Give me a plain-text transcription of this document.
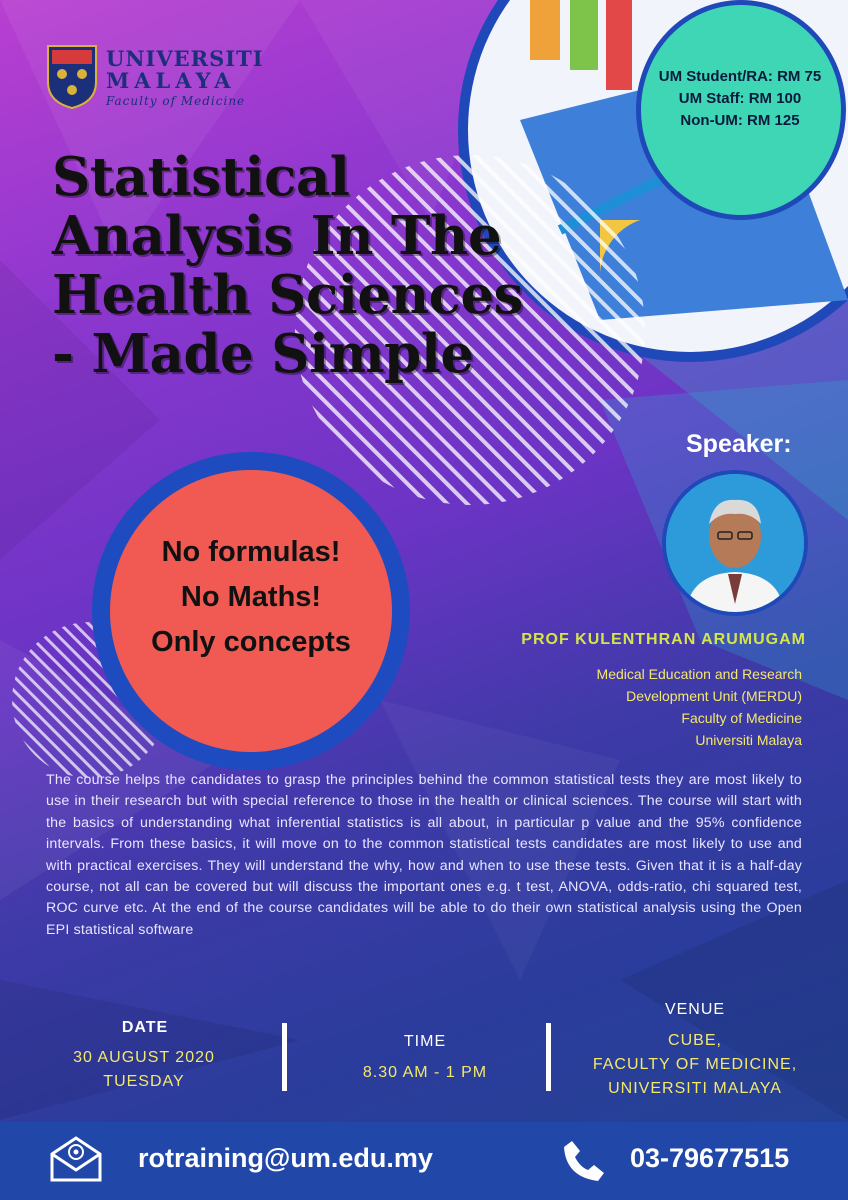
UNIVERSITI
MALAYA
Faculty of Medicine
Statistical
Analysis In The
Health Sciences
- Made Simple
UM Student/RA: RM 75
UM Staff: RM 100
Non-UM: RM 125
No formulas!
No Maths!
Only concepts
Speaker:
PROF KULENTHRAN ARUMUGAM
Medical Education and Research
Development Unit (MERDU)
Faculty of Medicine
Universiti Malaya
The course helps the candidates to grasp the principles behind the common statistical tests they are most likely to use in their research but with special reference to those in the health or clinical sciences. The course will start with the basics of understanding what inferential statistics is all about, in particular p value and the 95% confidence intervals. From these basics, it will move on to the common statistical tests candidates are most likely to use and with practical exercises. They will understand the why, how and when to use these tests. Given that it is a half-day course, not all can be covered but will discuss the important ones e.g. t test, ANOVA, odds-ratio, chi squared test, ROC curve etc. At the end of the course candidates will be able to do their own statistical analysis using the Open EPI statistical software
DATE
30 AUGUST 2020
TUESDAY
TIME
8.30 AM - 1 PM
VENUE
CUBE,
FACULTY OF MEDICINE,
UNIVERSITI MALAYA
rotraining@um.edu.my	03-79677515
